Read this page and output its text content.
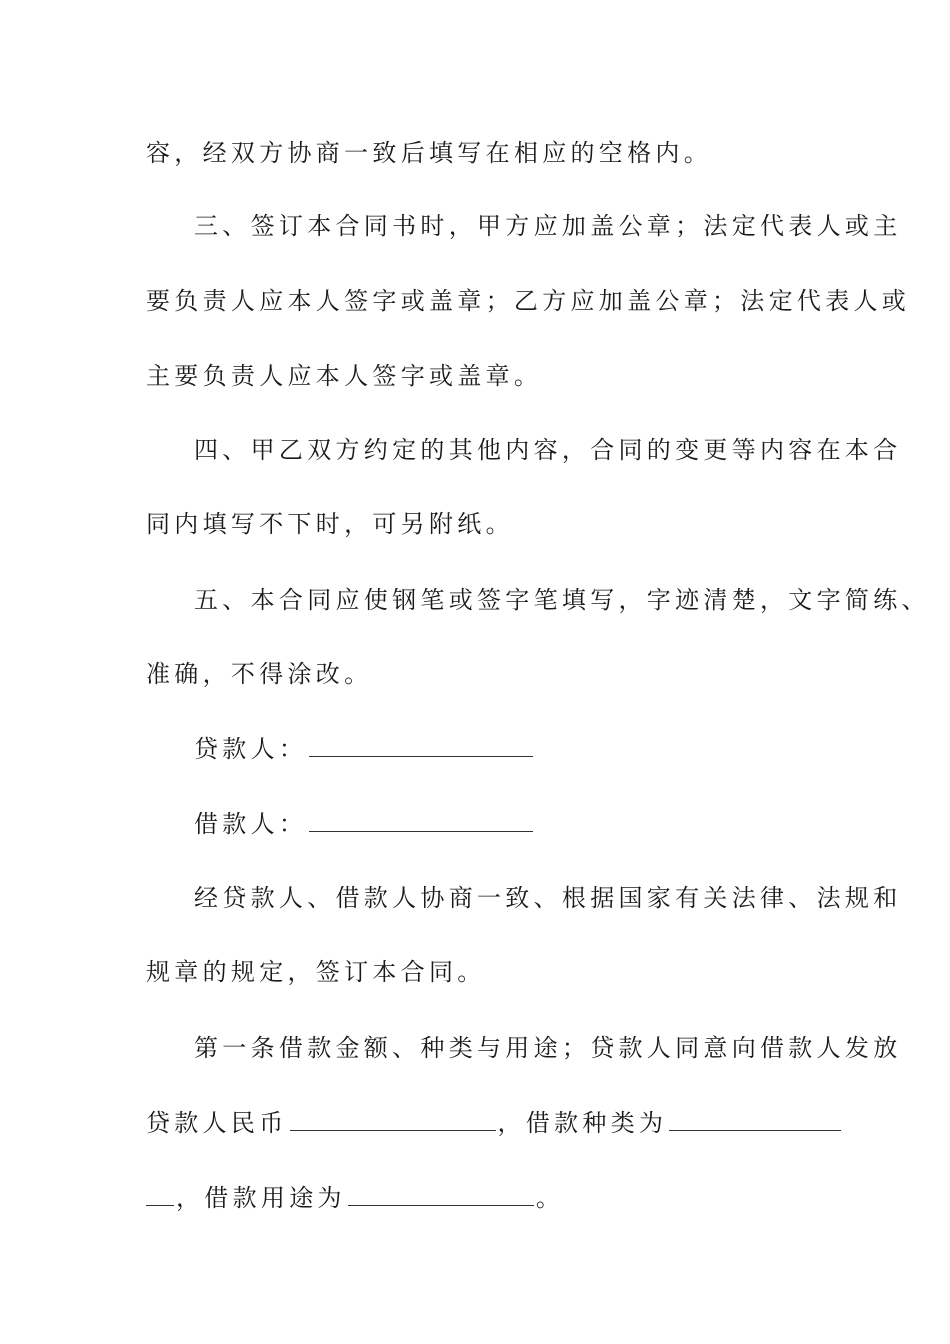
容，经双方协商一致后填写在相应的空格内。
三、签订本合同书时，甲方应加盖公章；法定代表人或主
要负责人应本人签字或盖章；乙方应加盖公章；法定代表人或
主要负责人应本人签字或盖章。
四、甲乙双方约定的其他内容，合同的变更等内容在本合
同内填写不下时，可另附纸。
五、本合同应使钢笔或签字笔填写，字迹清楚，文字简练、
准确，不得涂改。
贷款人：
借款人：
经贷款人、借款人协商一致、根据国家有关法律、法规和
规章的规定，签订本合同。
第一条借款金额、种类与用途；贷款人同意向借款人发放
贷款人民币	，借款种类为
，借款用途为	。
